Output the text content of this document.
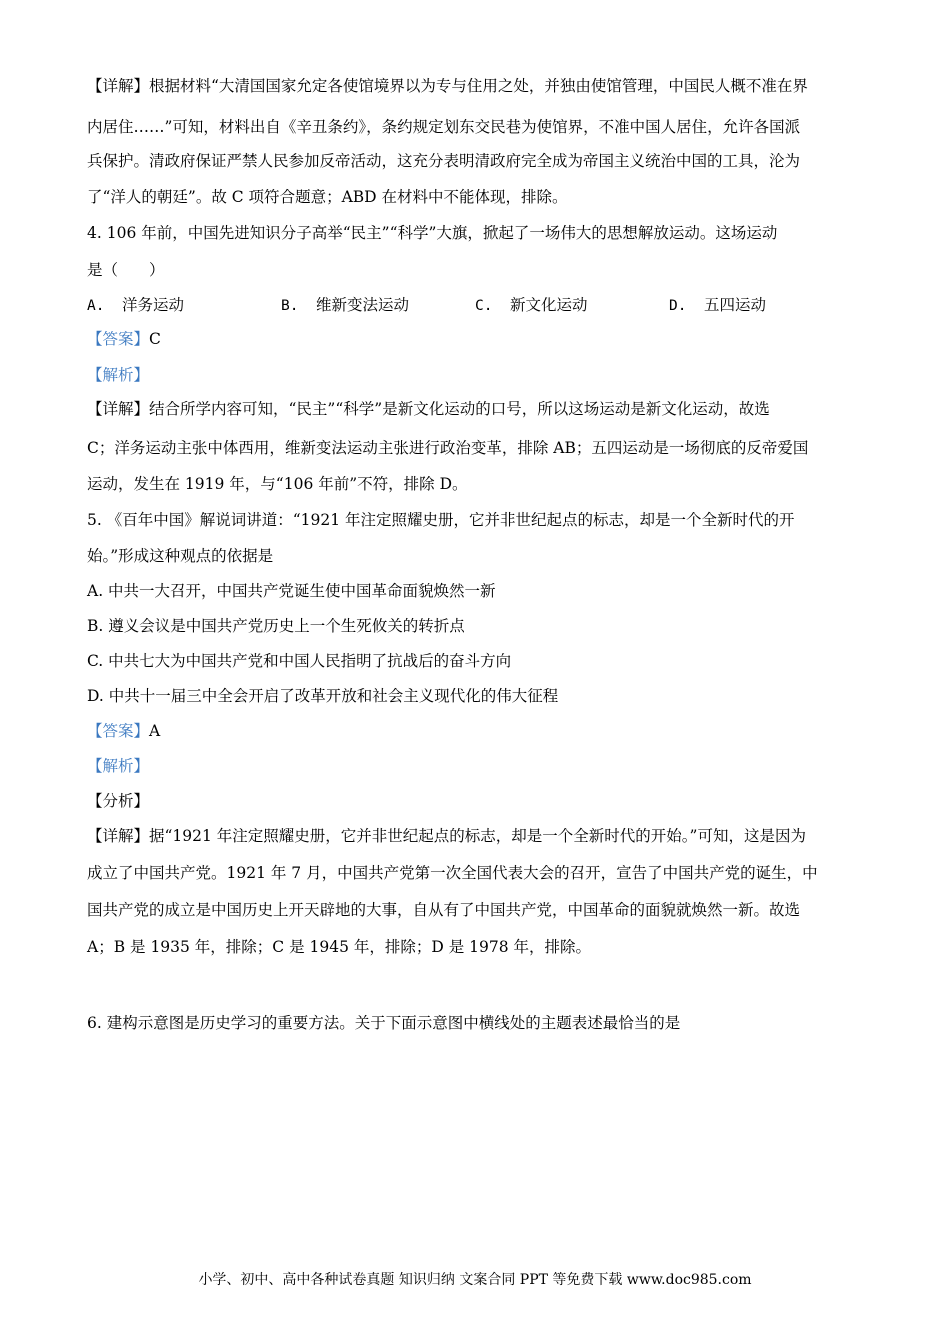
【详解】根据材料“大清国国家允定各使馆境界以为专与住用之处，并独由使馆管理，中国民人概不准在界
内居住……”可知，材料出自《辛丑条约》，条约规定划东交民巷为使馆界，不准中国人居住，允许各国派
兵保护。清政府保证严禁人民参加反帝活动，这充分表明清政府完全成为帝国主义统治中国的工具，沦为
了“洋人的朝廷”。故 C 项符合题意；ABD 在材料中不能体现，排除。
4. 106 年前，中国先进知识分子高举“民主”“科学”大旗，掀起了一场伟大的思想解放运动。这场运动
是（　　）
A. 洋务运动	B. 维新变法运动	C. 新文化运动	D. 五四运动
【答案】C
【解析】
【详解】结合所学内容可知，“民主”“科学”是新文化运动的口号，所以这场运动是新文化运动，故选
C；洋务运动主张中体西用，维新变法运动主张进行政治变革，排除 AB；五四运动是一场彻底的反帝爱国
运动，发生在 1919 年，与“106 年前”不符，排除 D。
5. 《百年中国》解说词讲道：“1921 年注定照耀史册，它并非世纪起点的标志，却是一个全新时代的开
始。”形成这种观点的依据是
A. 中共一大召开，中国共产党诞生使中国革命面貌焕然一新
B. 遵义会议是中国共产党历史上一个生死攸关的转折点
C. 中共七大为中国共产党和中国人民指明了抗战后的奋斗方向
D. 中共十一届三中全会开启了改革开放和社会主义现代化的伟大征程
【答案】A
【解析】
【分析】
【详解】据“1921 年注定照耀史册，它并非世纪起点的标志，却是一个全新时代的开始。”可知，这是因为
成立了中国共产党。1921 年 7 月，中国共产党第一次全国代表大会的召开，宣告了中国共产党的诞生，中
国共产党的成立是中国历史上开天辟地的大事，自从有了中国共产党，中国革命的面貌就焕然一新。故选
A；B 是 1935 年，排除；C 是 1945 年，排除；D 是 1978 年，排除。
6. 建构示意图是历史学习的重要方法。关于下面示意图中横线处的主题表述最恰当的是
小学、初中、高中各种试卷真题 知识归纳 文案合同 PPT 等免费下载 www.doc985.com
